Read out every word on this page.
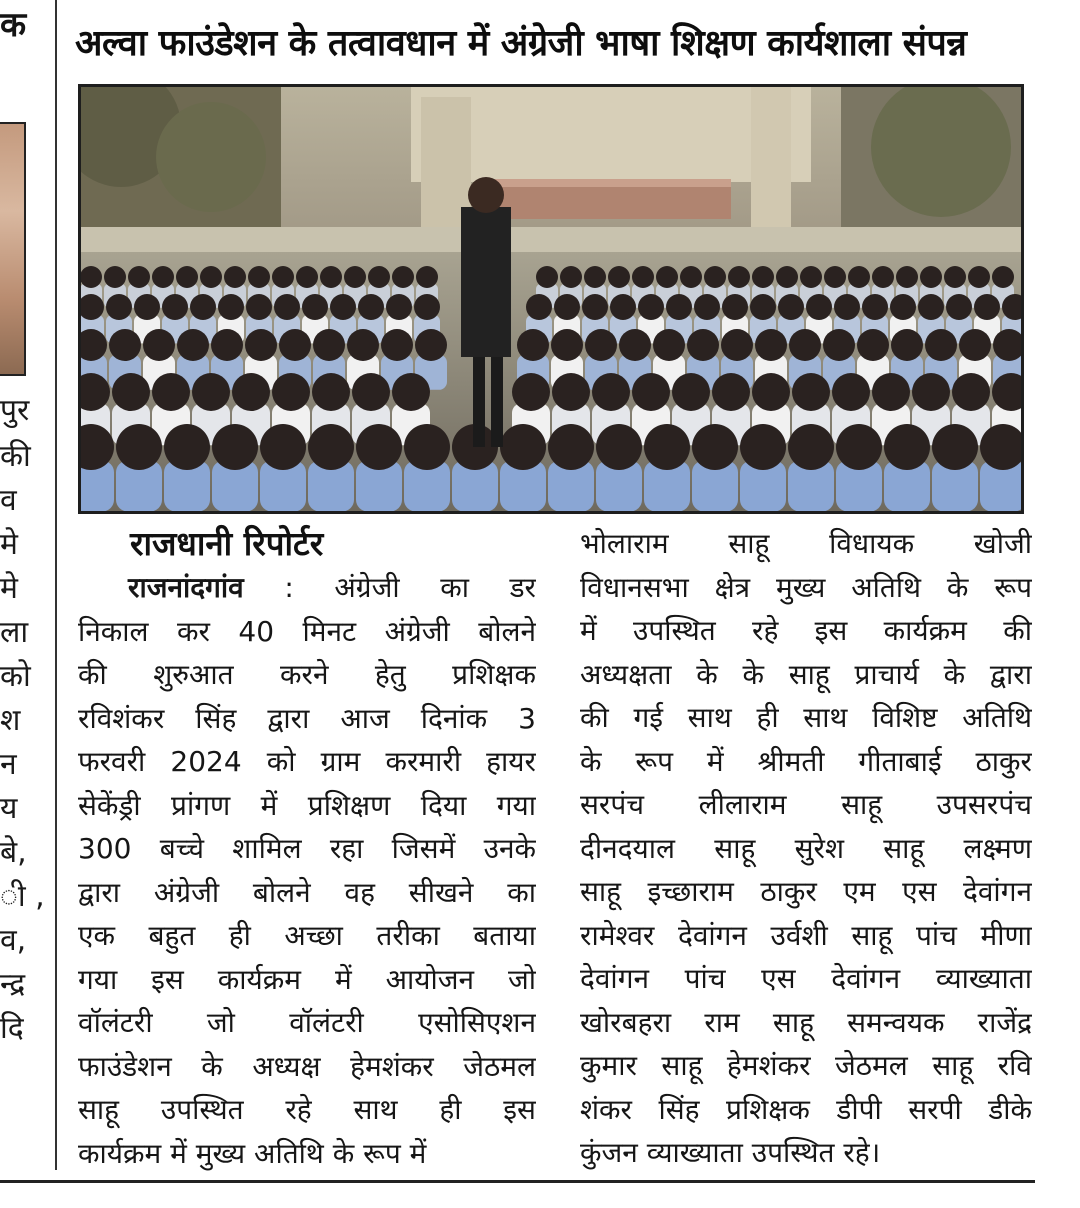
क
पुर
की
व
मे
मे
ला
को
श
न
य
बे,
ी ,
व,
न्द्र
दि
अल्वा फाउंडेशन के तत्वावधान में अंग्रेजी भाषा शिक्षण कार्यशाला संपन्न
राजधानी रिपोर्टर

राजनांदगांव : अंग्रेजी का डर

निकाल कर 40 मिनट अंग्रेजी बोलने

की शुरुआत करने हेतु प्रशिक्षक

रविशंकर सिंह द्वारा आज दिनांक 3

फरवरी 2024 को ग्राम करमारी हायर

सेकेंड्री प्रांगण में प्रशिक्षण दिया गया

300 बच्चे शामिल रहा जिसमें उनके

द्वारा अंग्रेजी बोलने वह सीखने का

एक बहुत ही अच्छा तरीका बताया

गया इस कार्यक्रम में आयोजन जो

वॉलंटरी जो वॉलंटरी एसोसिएशन

फाउंडेशन के अध्यक्ष हेमशंकर जेठमल

साहू उपस्थित रहे साथ ही इस

कार्यक्रम में मुख्य अतिथि के रूप में

भोलाराम साहू विधायक खोजी

विधानसभा क्षेत्र मुख्य अतिथि के रूप

में उपस्थित रहे इस कार्यक्रम की

अध्यक्षता के के साहू प्राचार्य के द्वारा

की गई साथ ही साथ विशिष्ट अतिथि

के रूप में श्रीमती गीताबाई ठाकुर

सरपंच लीलाराम साहू उपसरपंच

दीनदयाल साहू सुरेश साहू लक्ष्मण

साहू इच्छाराम ठाकुर एम एस देवांगन

रामेश्वर देवांगन उर्वशी साहू पांच मीणा

देवांगन पांच एस देवांगन व्याख्याता

खोरबहरा राम साहू समन्वयक राजेंद्र

कुमार साहू हेमशंकर जेठमल साहू रवि

शंकर सिंह प्रशिक्षक डीपी सरपी डीके

कुंजन व्याख्याता उपस्थित रहे।
